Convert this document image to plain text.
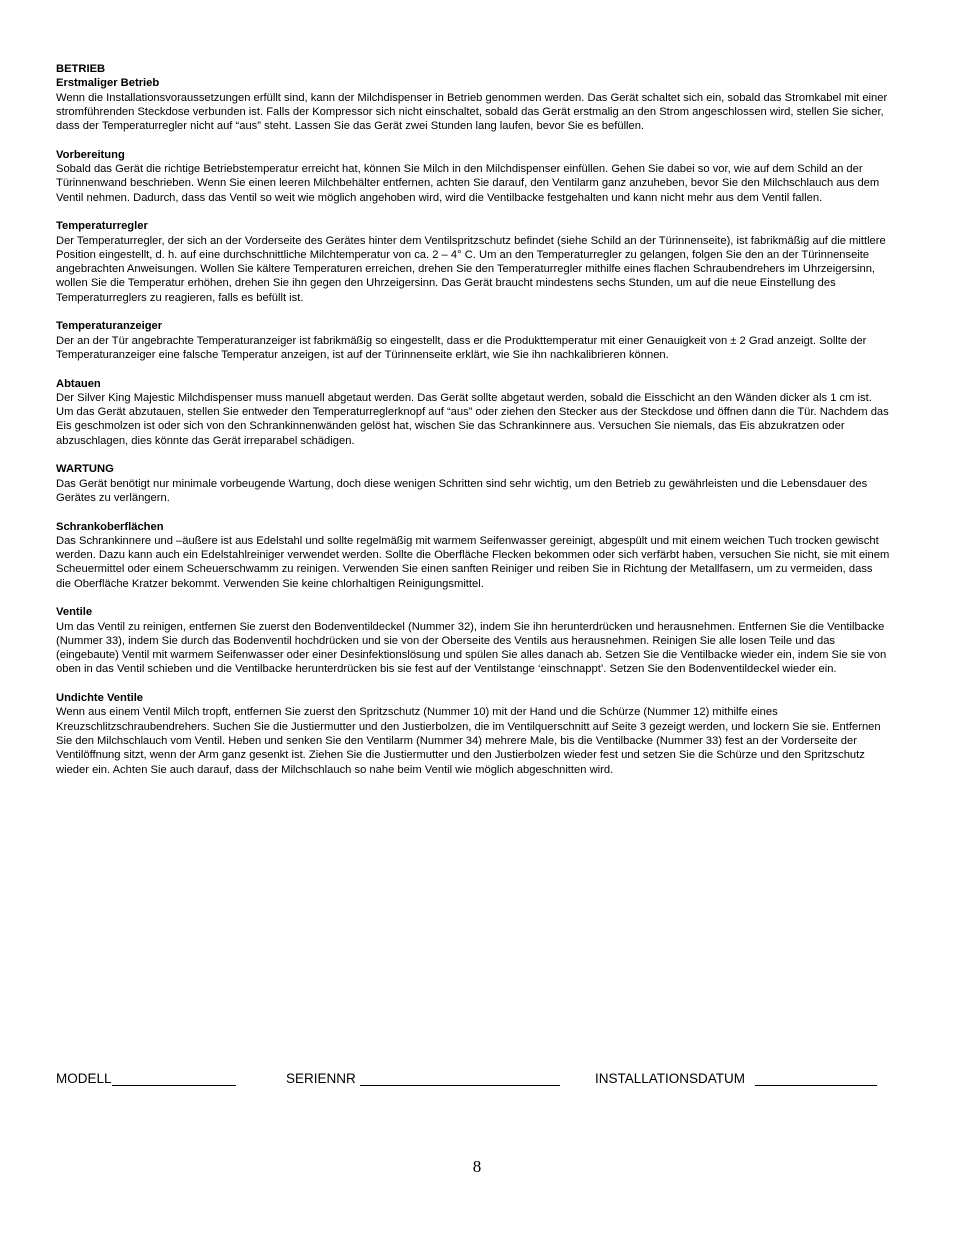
BETRIEB
Erstmaliger Betrieb
Wenn die Installationsvoraussetzungen erfüllt sind, kann der Milchdispenser in Betrieb genommen werden. Das Gerät schaltet sich ein, sobald das Stromkabel mit einer stromführenden Steckdose verbunden ist. Falls der Kompressor sich nicht einschaltet, sobald das Gerät erstmalig an den Strom angeschlossen wird, stellen Sie sicher, dass der Temperaturregler nicht auf “aus” steht. Lassen Sie das Gerät zwei Stunden lang laufen, bevor Sie es befüllen.
Vorbereitung
Sobald das Gerät die richtige Betriebstemperatur erreicht hat, können Sie Milch in den Milchdispenser einfüllen. Gehen Sie dabei so vor, wie auf dem Schild an der Türinnenwand beschrieben. Wenn Sie einen leeren Milchbehälter entfernen, achten Sie darauf, den Ventilarm ganz anzuheben, bevor Sie den Milchschlauch aus dem Ventil nehmen. Dadurch, dass das Ventil so weit wie möglich angehoben wird, wird die Ventilbacke festgehalten und kann nicht mehr aus dem Ventil fallen.
Temperaturregler
Der Temperaturregler, der sich an der Vorderseite des Gerätes hinter dem Ventilspritzschutz befindet (siehe Schild an der Türinnenseite), ist fabrikmäßig auf die mittlere Position eingestellt, d. h. auf eine durchschnittliche Milchtemperatur von ca. 2 – 4° C. Um an den Temperaturregler zu gelangen, folgen Sie den an der Türinnenseite angebrachten Anweisungen. Wollen Sie kältere Temperaturen erreichen, drehen Sie den Temperaturregler mithilfe eines flachen Schraubendrehers im Uhrzeigersinn, wollen Sie die Temperatur erhöhen, drehen Sie ihn gegen den Uhrzeigersinn. Das Gerät braucht mindestens sechs Stunden, um auf die neue Einstellung des Temperaturreglers zu reagieren, falls es befüllt ist.
Temperaturanzeiger
Der an der Tür angebrachte Temperaturanzeiger ist fabrikmäßig so eingestellt, dass er die Produkttemperatur mit einer Genauigkeit von ± 2 Grad anzeigt. Sollte der Temperaturanzeiger eine falsche Temperatur anzeigen, ist auf der Türinnenseite erklärt, wie Sie ihn nachkalibrieren können.
Abtauen
Der Silver King Majestic Milchdispenser muss manuell abgetaut werden. Das Gerät sollte abgetaut werden, sobald die Eisschicht an den Wänden dicker als 1 cm ist. Um das Gerät abzutauen, stellen Sie entweder den Temperaturreglerknopf auf “aus” oder ziehen den Stecker aus der Steckdose und öffnen dann die Tür. Nachdem das Eis geschmolzen ist oder sich von den Schrankinnenwänden gelöst hat, wischen Sie das Schrankinnere aus. Versuchen Sie niemals, das Eis abzukratzen oder abzuschlagen, dies könnte das Gerät irreparabel schädigen.
WARTUNG
Das Gerät benötigt nur minimale vorbeugende Wartung, doch diese wenigen Schritten sind sehr wichtig, um den Betrieb zu gewährleisten und die Lebensdauer des Gerätes zu verlängern.
Schrankoberflächen
Das Schrankinnere und –äußere ist aus Edelstahl und sollte regelmäßig mit warmem Seifenwasser gereinigt, abgespült und mit einem weichen Tuch trocken gewischt werden. Dazu kann auch ein Edelstahlreiniger verwendet werden. Sollte die Oberfläche Flecken bekommen oder sich verfärbt haben, versuchen Sie nicht, sie mit einem Scheuermittel oder einem Scheuerschwamm zu reinigen. Verwenden Sie einen sanften Reiniger und reiben Sie in Richtung der Metallfasern, um zu vermeiden, dass die Oberfläche Kratzer bekommt. Verwenden Sie keine chlorhaltigen Reinigungsmittel.
Ventile
Um das Ventil zu reinigen, entfernen Sie zuerst den Bodenventildeckel (Nummer 32), indem Sie ihn herunterdrücken und herausnehmen. Entfernen Sie die Ventilbacke (Nummer 33), indem Sie durch das Bodenventil hochdrücken und sie von der Oberseite des Ventils aus herausnehmen. Reinigen Sie alle losen Teile und das (eingebaute) Ventil mit warmem Seifenwasser oder einer Desinfektionslösung und spülen Sie alles danach ab. Setzen Sie die Ventilbacke wieder ein, indem Sie sie von oben in das Ventil schieben und die Ventilbacke herunterdrücken bis sie fest auf der Ventilstange ‘einschnappt’. Setzen Sie den Bodenventildeckel wieder ein.
Undichte Ventile
Wenn aus einem Ventil Milch tropft, entfernen Sie zuerst den Spritzschutz (Nummer 10) mit der Hand und die Schürze (Nummer 12) mithilfe eines Kreuzschlitzschraubendrehers. Suchen Sie die Justiermutter und den Justierbolzen, die im Ventilquerschnitt auf Seite 3 gezeigt werden, und lockern Sie sie. Entfernen Sie den Milchschlauch vom Ventil. Heben und senken Sie den Ventilarm (Nummer 34) mehrere Male, bis die Ventilbacke (Nummer 33) fest an der Vorderseite der Ventilöffnung sitzt, wenn der Arm ganz gesenkt ist. Ziehen Sie die Justiermutter und den Justierbolzen wieder fest und setzen Sie die Schürze und den Spritzschutz wieder ein. Achten Sie auch darauf, dass der Milchschlauch so nahe beim Ventil wie möglich abgeschnitten wird.
MODELL	SERIENNR	INSTALLATIONSDATUM
8
